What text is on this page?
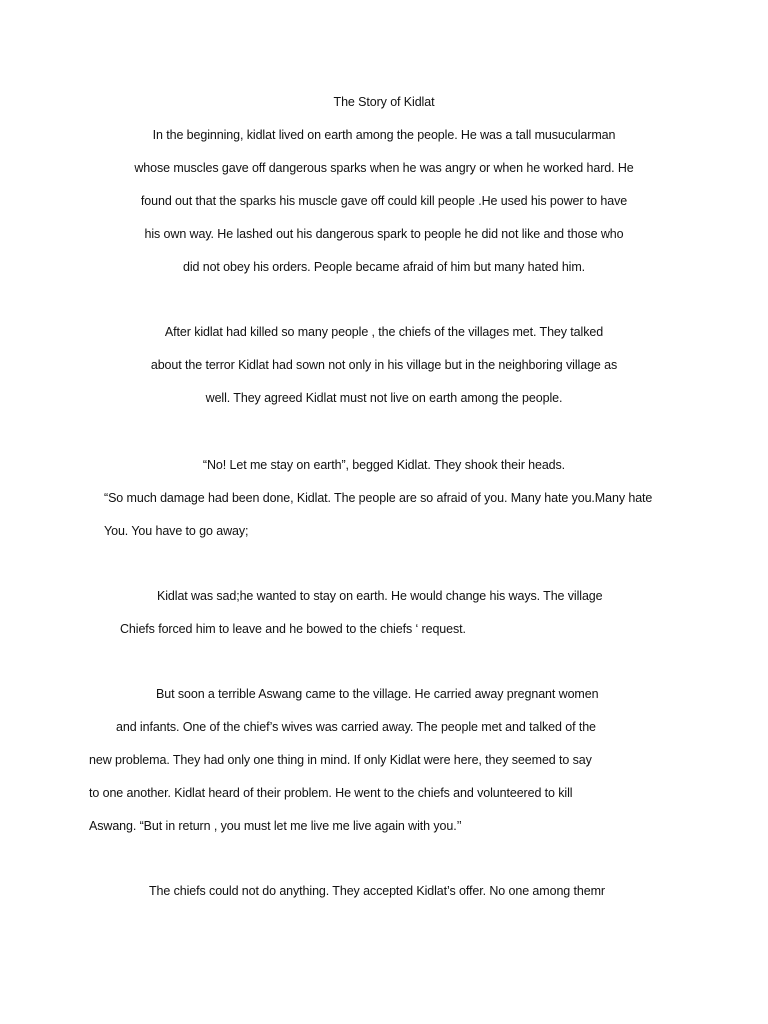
The Story of Kidlat
In the beginning, kidlat lived on earth among the people. He was a tall musucularman
whose muscles gave off dangerous sparks when he was angry or when he worked hard. He
found out that the sparks his muscle gave off could kill people .He used his power to have
his own way. He lashed out his dangerous spark to people he did not like and those who
did not obey his orders. People became afraid of him but many hated him.
After kidlat had killed so many people , the chiefs of the villages met. They talked
about the terror Kidlat had sown not only in his village but in the neighboring village as
well. They agreed Kidlat must not live on earth among the people.
“No! Let me stay on earth”, begged Kidlat. They shook their heads.
“So much damage had been done, Kidlat. The people are so afraid of you. Many hate you.Many hate
You. You have to go away;
Kidlat was sad;he wanted to stay on earth. He would change his ways. The village
Chiefs forced him to leave and he bowed to the chiefs ‘ request.
But soon a terrible Aswang came to the village. He carried away pregnant women
and infants. One of the chief’s wives was carried away. The people met and talked of the
new problema. They had only one thing in mind. If only Kidlat were here, they seemed to say
to one another. Kidlat heard of their problem. He went to the chiefs and volunteered to kill
Aswang. “But in return , you must let me live me live again with you.’’
The chiefs could not do anything. They accepted Kidlat’s offer. No one among themr
